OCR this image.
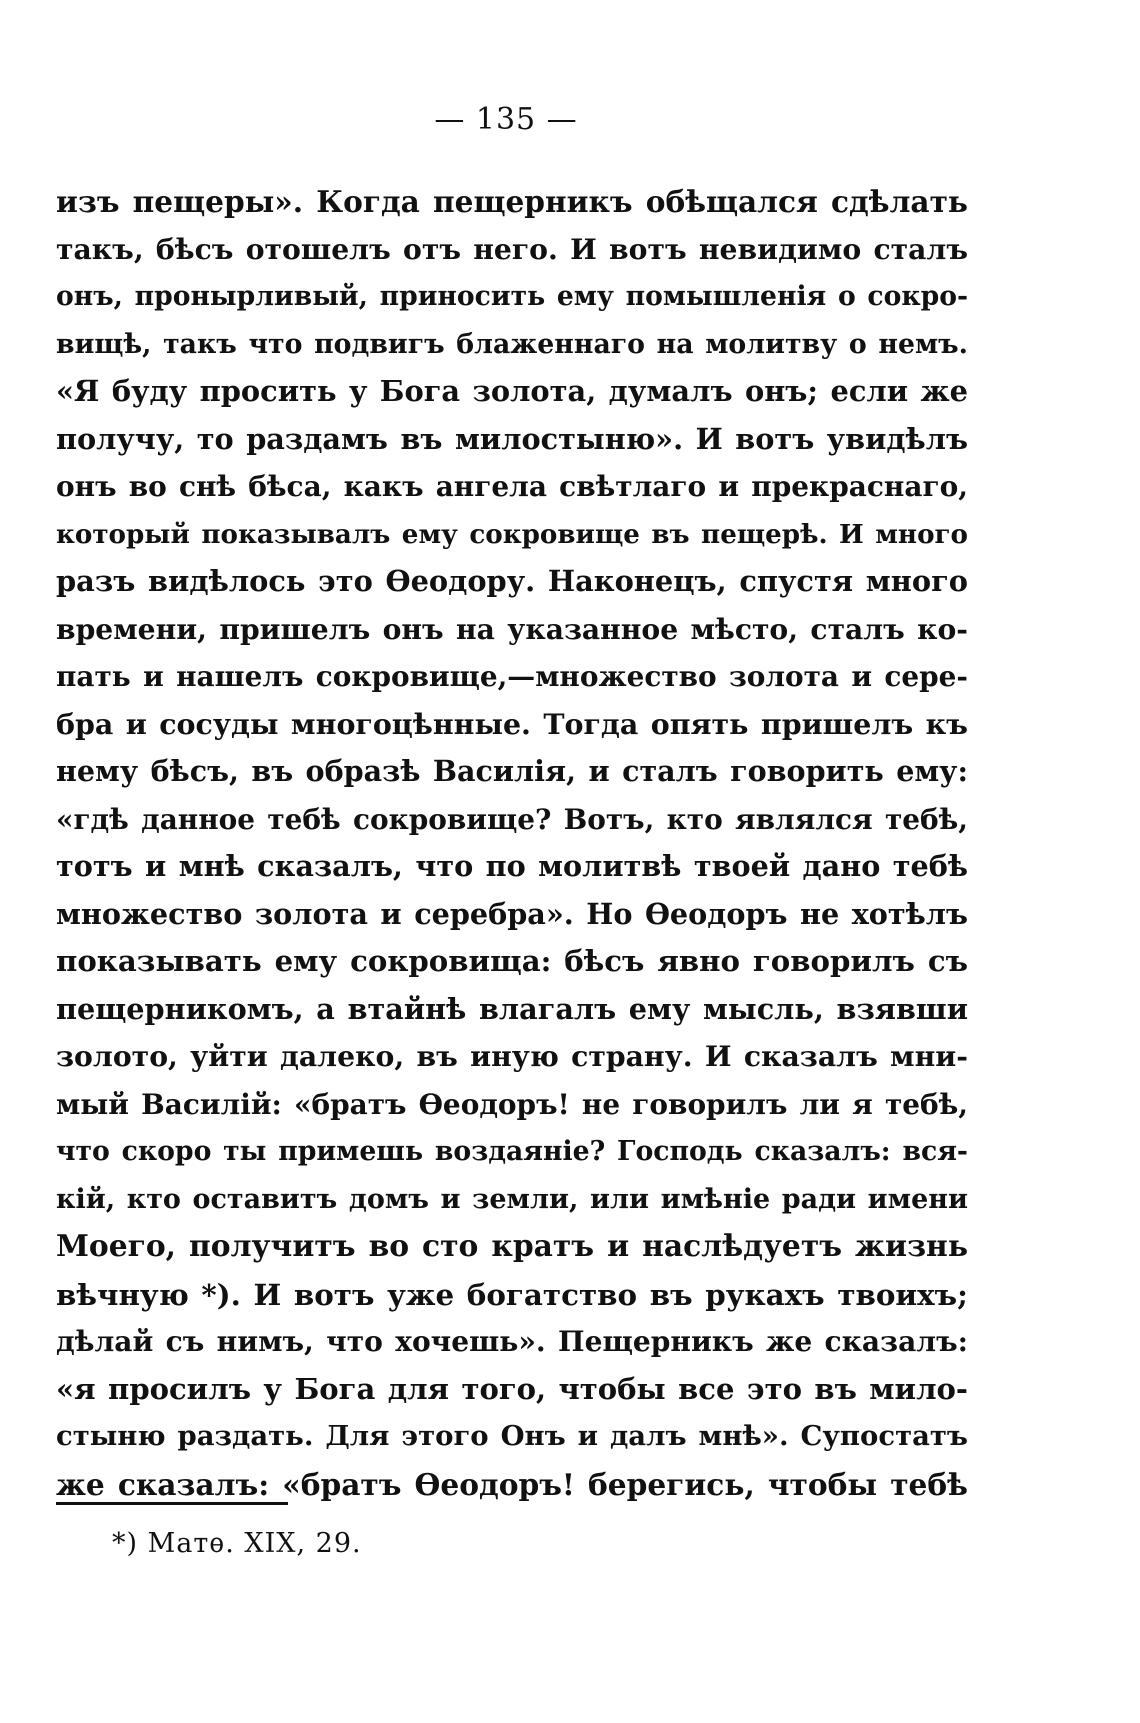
— 135 —
изъ пещеры». Когда пещерникъ обѣщался сдѣлать
такъ, бѣсъ отошелъ отъ него. И вотъ невидимо сталъ
онъ, пронырливый, приносить ему помышленія о сокро-
вищѣ, такъ что подвигъ блаженнаго на молитву о немъ.
«Я буду просить у Бога золота, думалъ онъ; если же
получу, то раздамъ въ милостыню». И вотъ увидѣлъ
онъ во снѣ бѣса, какъ ангела свѣтлаго и прекраснаго,
который показывалъ ему сокровище въ пещерѣ. И много
разъ видѣлось это Ѳеодору. Наконецъ, спустя много
времени, пришелъ онъ на указанное мѣсто, сталъ ко-
пать и нашелъ сокровище,—множество золота и сере-
бра и сосуды многоцѣнные. Тогда опять пришелъ къ
нему бѣсъ, въ образѣ Василія, и сталъ говорить ему:
«гдѣ данное тебѣ сокровище? Вотъ, кто являлся тебѣ,
тотъ и мнѣ сказалъ, что по молитвѣ твоей дано тебѣ
множество золота и серебра». Но Ѳеодоръ не хотѣлъ
показывать ему сокровища: бѣсъ явно говорилъ съ
пещерникомъ, а втайнѣ влагалъ ему мысль, взявши
золото, уйти далеко, въ иную страну. И сказалъ мни-
мый Василій: «братъ Ѳеодоръ! не говорилъ ли я тебѣ,
что скоро ты примешь воздаяніе? Господь сказалъ: вся-
кій, кто оставитъ домъ и земли, или имѣніе ради имени
Моего, получитъ во сто кратъ и наслѣдуетъ жизнь
вѣчную *). И вотъ уже богатство въ рукахъ твоихъ;
дѣлай съ нимъ, что хочешь». Пещерникъ же сказалъ:
«я просилъ у Бога для того, чтобы все это въ мило-
стыню раздать. Для этого Онъ и далъ мнѣ». Супостатъ
же сказалъ: «братъ Ѳеодоръ! берегись, чтобы тебѣ
*) Матѳ. XIX, 29.
